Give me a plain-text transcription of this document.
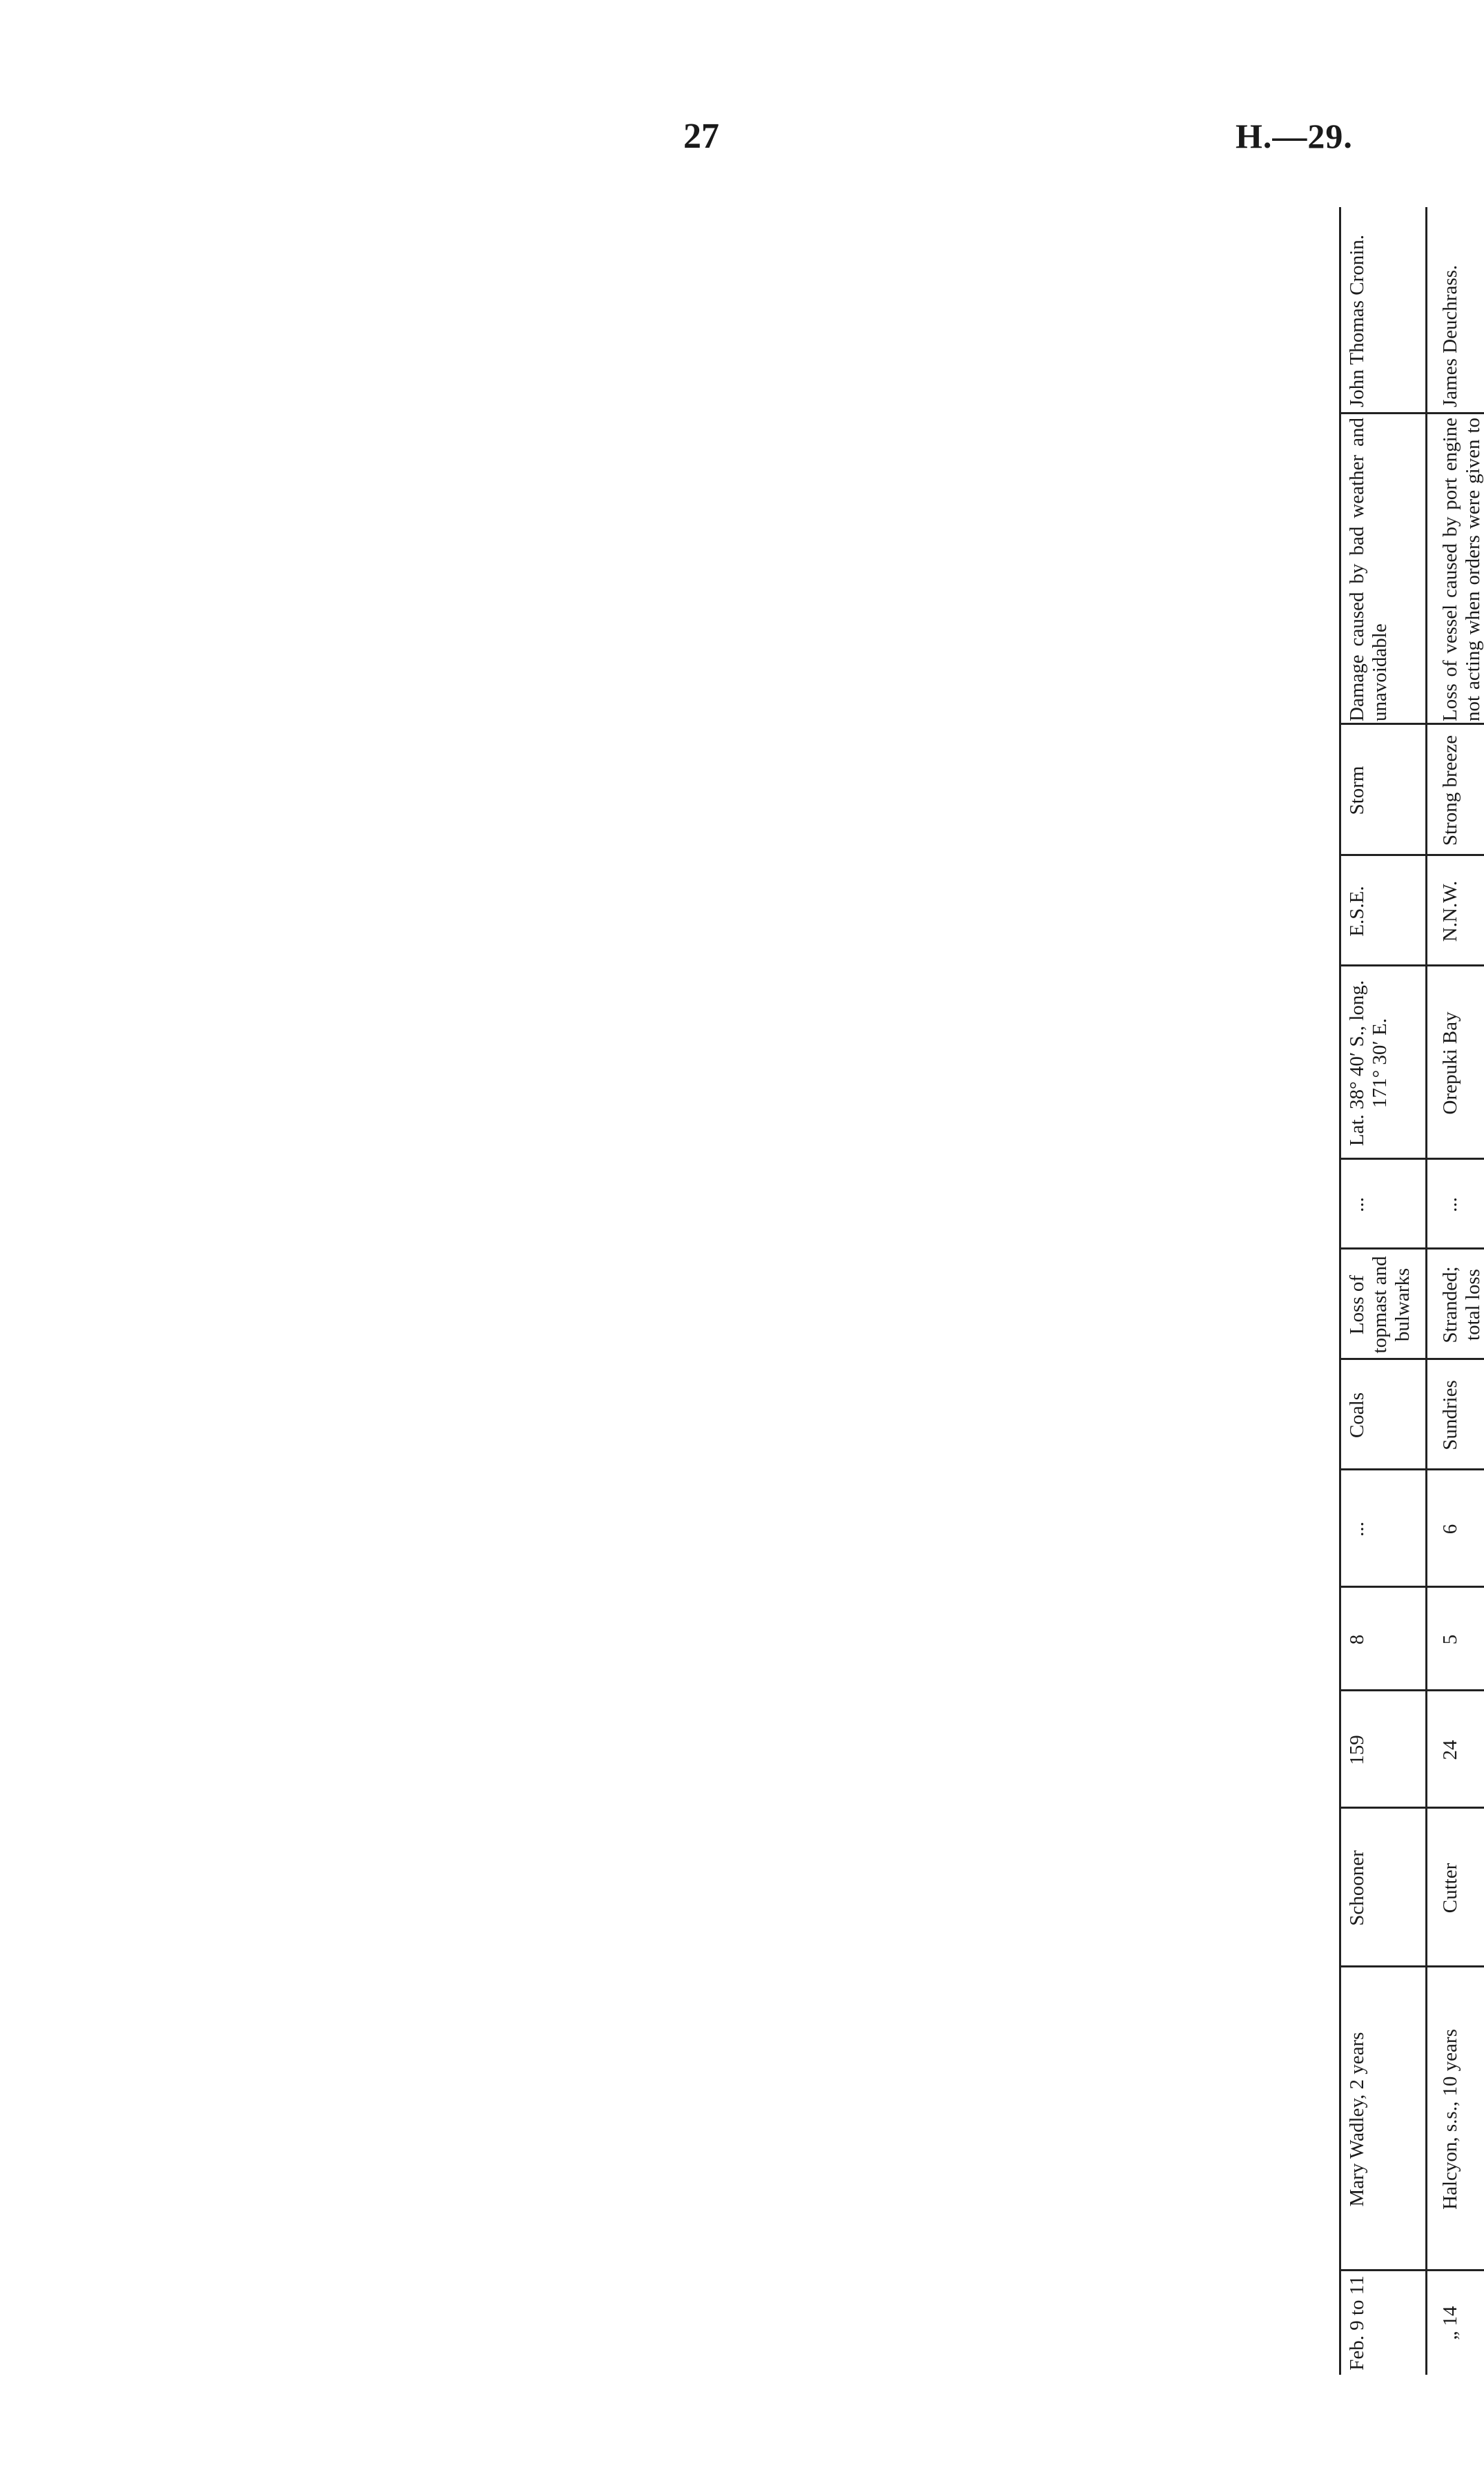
27	H.—29.
Feb. 9 to 11
Mary Wadley, 2 years
Schooner
159
8
...
Coals
Loss of topmast and bulwarks
...
Lat. 38° 40′ S., long. 171° 30′ E.
E.S.E.
Storm
Damage caused by bad weather and unavoidable
John Thomas Cronin.
„ 14
Halcyon, s.s., 10 years
Cutter
24
5
6
Sundries
Stranded; total loss
...
Orepuki Bay
N.N.W.
Strong breeze
Loss of vessel caused by port engine not acting when orders were given to
James Deuchrass.
